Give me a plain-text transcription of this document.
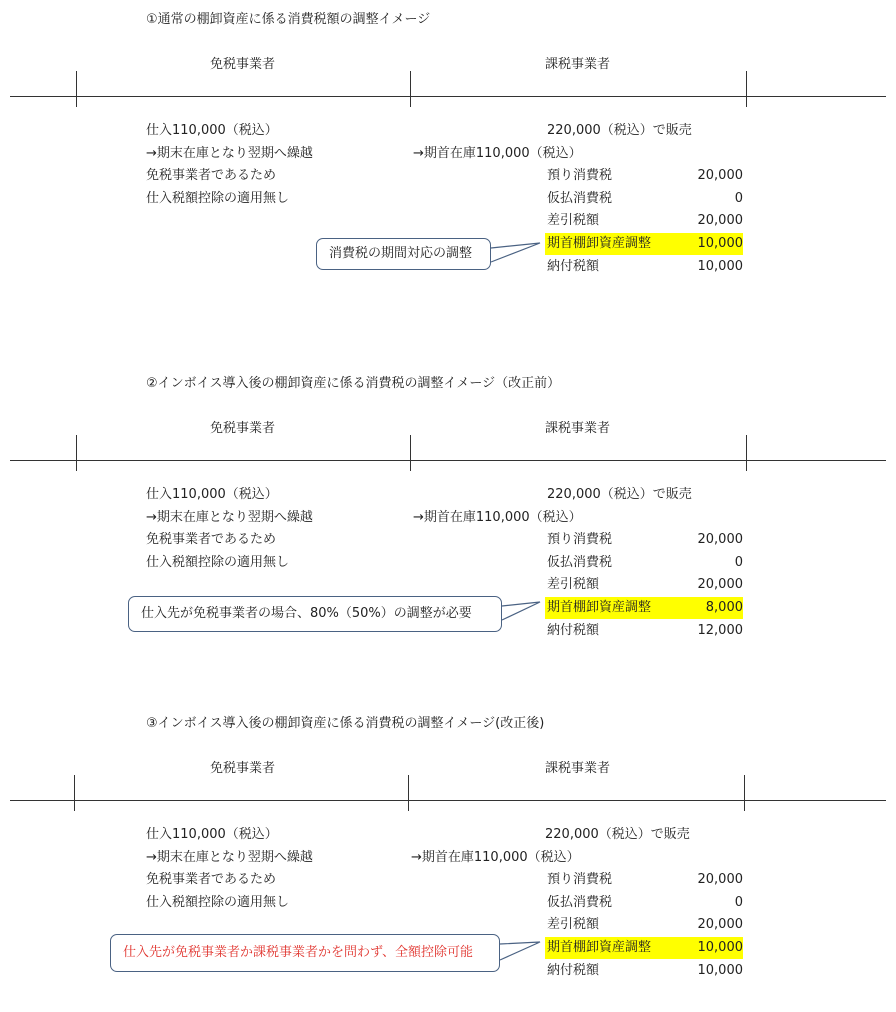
①通常の棚卸資産に係る消費税額の調整イメージ
免税事業者	課税事業者
仕入110,000（税込）
→期末在庫となり翌期へ繰越
免税事業者であるため
仕入税額控除の適用無し
→期首在庫110,000（税込）
220,000（税込）で販売
預り消費税	20,000
仮払消費税	0
差引税額	20,000
期首棚卸資産調整	10,000
納付税額	10,000
消費税の期間対応の調整
②インボイス導入後の棚卸資産に係る消費税の調整イメージ（改正前）
免税事業者	課税事業者
仕入110,000（税込）
→期末在庫となり翌期へ繰越
免税事業者であるため
仕入税額控除の適用無し
→期首在庫110,000（税込）
220,000（税込）で販売
預り消費税	20,000
仮払消費税	0
差引税額	20,000
期首棚卸資産調整	8,000
納付税額	12,000
仕入先が免税事業者の場合、80%（50%）の調整が必要
③インボイス導入後の棚卸資産に係る消費税の調整イメージ(改正後)
免税事業者	課税事業者
仕入110,000（税込）
→期末在庫となり翌期へ繰越
免税事業者であるため
仕入税額控除の適用無し
→期首在庫110,000（税込）
220,000（税込）で販売
預り消費税	20,000
仮払消費税	0
差引税額	20,000
期首棚卸資産調整	10,000
納付税額	10,000
仕入先が免税事業者か課税事業者かを問わず、全額控除可能
